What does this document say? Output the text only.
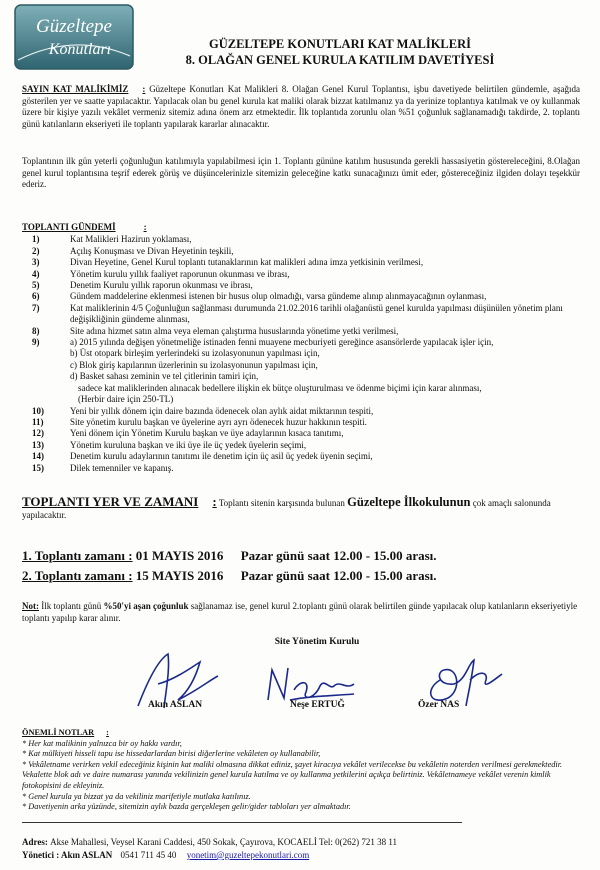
Güzeltepe
Konutları	GÜZELTEPE KONUTLARI KAT MALİKLERİ
8. OLAĞAN GENEL KURULA KATILIM DAVETİYESİ
SAYIN KAT MALİKİMİZ : Güzeltepe Konutları Kat Malikleri 8. Olağan Genel Kurul Toplantısı, işbu davetiyede belirtilen gündemle, aşağıda gösterilen yer ve saatte yapılacaktır. Yapılacak olan bu genel kurula kat maliki olarak bizzat katılmanız ya da yerinize toplantıya katılmak ve oy kullanmak üzere bir kişiye yazılı vekâlet vermeniz sitemiz adına önem arz etmektedir. İlk toplantıda zorunlu olan %51 çoğunluk sağlanamadığı takdirde, 2. toplantı günü katılanların ekseriyeti ile toplantı yapılarak kararlar alınacaktır.
Toplantının ilk gün yeterli çoğunluğun katılımıyla yapılabilmesi için 1. Toplantı gününe katılım hususunda gerekli hassasiyetin göstereleceğini, 8.Olağan genel kurul toplantısına teşrif ederek görüş ve düşüncelerinizle sitemizin geleceğine katkı sunacağınızı ümit eder, göstereceğiniz ilgiden dolayı teşekkür ederiz.
TOPLANTI GÜNDEMİ	:
1)	Kat Malikleri Hazirun yoklaması,
2)	Açılış Konuşması ve Divan Heyetinin teşkili,
3)	Divan Heyetine, Genel Kurul toplantı tutanaklarının kat malikleri adına imza yetkisinin verilmesi,
4)	Yönetim kurulu yıllık faaliyet raporunun okunması ve ibrası,
5)	Denetim Kurulu yıllık raporun okunması ve ibrası,
6)	Gündem maddelerine eklenmesi istenen bir husus olup olmadığı, varsa gündeme alınıp alınmayacağının oylanması,
7)	Kat maliklerinin 4/5 Çoğunluğun sağlanması durumunda 21.02.2016 tarihli olağanüstü genel kurulda yapılması düşünülen yönetim planı değişikliğinin gündeme alınması,
8)	Site adına hizmet satın alma veya eleman çalıştırma hususlarında yönetime yetki verilmesi,
9)	a) 2015 yılında değişen yönetmeliğe istinaden fenni muayene mecburiyeti gereğince asansörlerde yapılacak işler için,
b) Üst otopark birleşim yerlerindeki su izolasyonunun yapılması için,
c) Blok giriş kapılarının üzerlerinin su izolasyonunun yapılması için,
d) Basket sahası zeminin ve tel çitlerinin tamiri için,
sadece kat maliklerinden alınacak bedellere ilişkin ek bütçe oluşturulması ve ödenme biçimi için karar alınması,
(Herbir daire için 250-TL)
10)	Yeni bir yıllık dönem için daire bazında ödenecek olan aylık aidat miktarının tespiti,
11)	Site yönetim kurulu başkan ve üyelerine ayrı ayrı ödenecek huzur hakkının tespiti.
12)	Yeni dönem için Yönetim Kurulu başkan ve üye adaylarının kısaca tanıtımı,
13)	Yönetim kuruluna başkan ve iki üye ile üç yedek üyelerin seçimi,
14)	Denetim kurulu adaylarının tanıtımı ile denetim için üç asil üç yedek üyenin seçimi,
15)	Dilek temenniler ve kapanış.
TOPLANTI YER VE ZAMANI : Toplantı sitenin karşısında bulunan Güzeltepe İlkokulunun çok amaçlı salonunda yapılacaktır.
1. Toplantı zamanı : 01 MAYIS 2016 Pazar günü saat 12.00 - 15.00 arası.
2. Toplantı zamanı : 15 MAYIS 2016 Pazar günü saat 12.00 - 15.00 arası.
Not: İlk toplantı günü %50'yi aşan çoğunluk sağlanamaz ise, genel kurul 2.toplantı günü olarak belirtilen günde yapılacak olup katılanların ekseriyetiyle toplantı yapılıp karar alınır.
Site Yönetim Kurulu
Akın ASLAN	Neşe ERTUĞ	Özer NAS
ÖNEMLİ NOTLAR :
* Her kat malikinin yalnızca bir oy hakkı vardır,
* Kat mülkiyeti hisseli tapu ise hissedarlardan birisi diğerlerine vekâleten oy kullanabilir,
* Vekâletname verirken vekil edeceğiniz kişinin kat maliki olmasına dikkat ediniz, şayet kiracıya vekâlet verilecekse bu vekâletin noterden verilmesi gerekmektedir. Vekalette blok adı ve daire numarası yanında vekilinizin genel kurula katılma ve oy kullanma yetkilerini açıkça belirtiniz. Vekâletnameye vekâlet verenin kimlik fotokopisini de ekleyiniz.
* Genel kurula ya bizzat ya da vekiliniz marifetiyle mutlaka katılınız.
* Davetiyenin arka yüzünde, sitemizin aylık bazda gerçekleşen gelir/gider tabloları yer almaktadır.
Adres: Akse Mahallesi, Veysel Karani Caddesi, 450 Sokak, Çayırova, KOCAELİ Tel: 0(262) 721 38 11
Yönetici : Akın ASLAN 0541 711 45 40 yonetim@guzeltepekonutlari.com
